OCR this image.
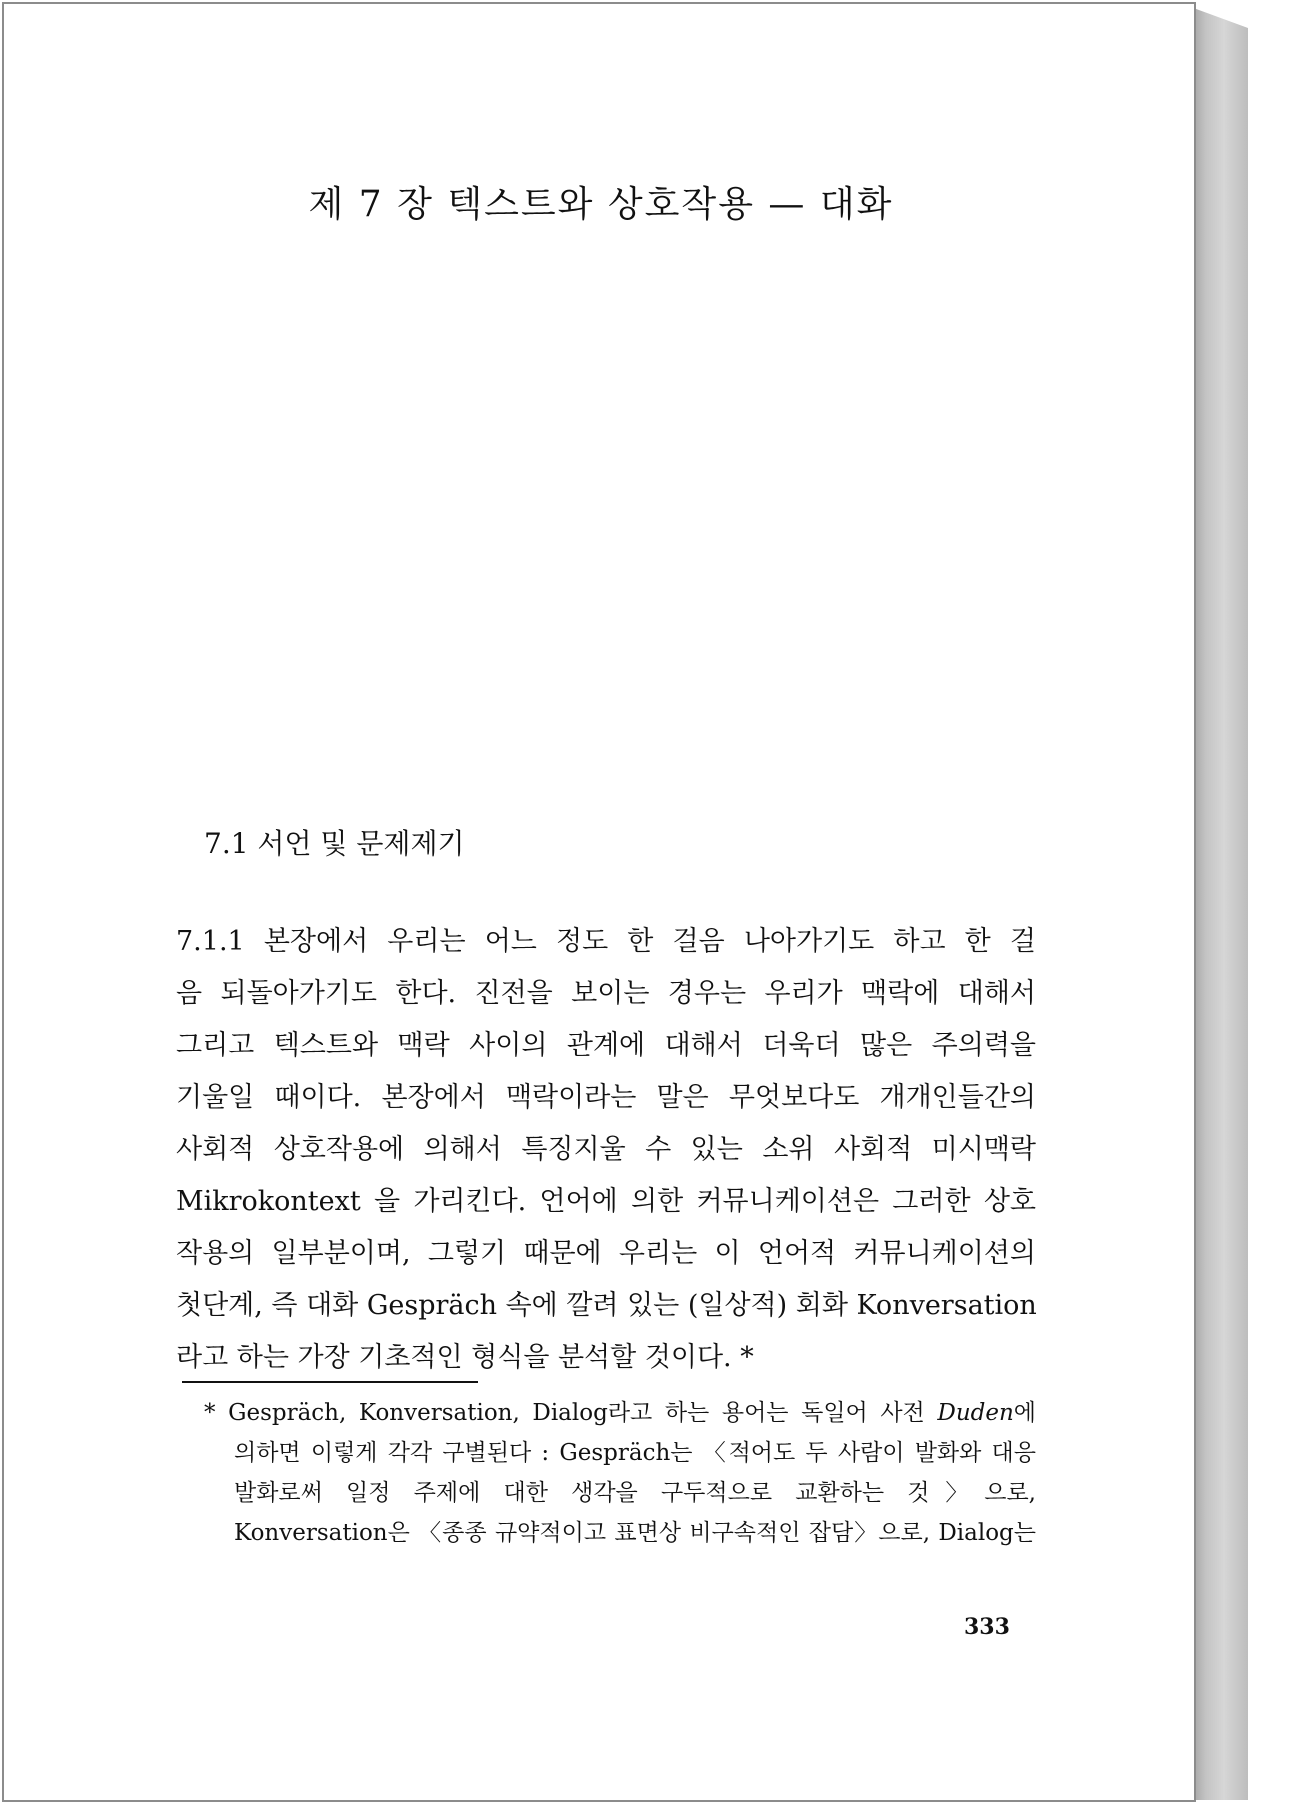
제 7 장 텍스트와 상호작용 — 대화
7.1 서언 및 문제제기
7.1.1 본장에서 우리는 어느 정도 한 걸음 나아가기도 하고 한 걸
음 되돌아가기도 한다. 진전을 보이는 경우는 우리가 맥락에 대해서
그리고 텍스트와 맥락 사이의 관계에 대해서 더욱더 많은 주의력을
기울일 때이다. 본장에서 맥락이라는 말은 무엇보다도 개개인들간의
사회적 상호작용에 의해서 특징지울 수 있는 소위 사회적 미시맥락
Mikrokontext 을 가리킨다. 언어에 의한 커뮤니케이션은 그러한 상호
작용의 일부분이며, 그렇기 때문에 우리는 이 언어적 커뮤니케이션의
첫단계, 즉 대화 Gespräch 속에 깔려 있는 (일상적) 회화 Konversation
라고 하는 가장 기초적인 형식을 분석할 것이다. *
* Gespräch, Konversation, Dialog라고 하는 용어는 독일어 사전 Duden에
의하면 이렇게 각각 구별된다 : Gespräch는 〈적어도 두 사람이 발화와 대응
발화로써 일정 주제에 대한 생각을 구두적으로 교환하는 것〉으로,
Konversation은 〈종종 규약적이고 표면상 비구속적인 잡담〉으로, Dialog는
333
